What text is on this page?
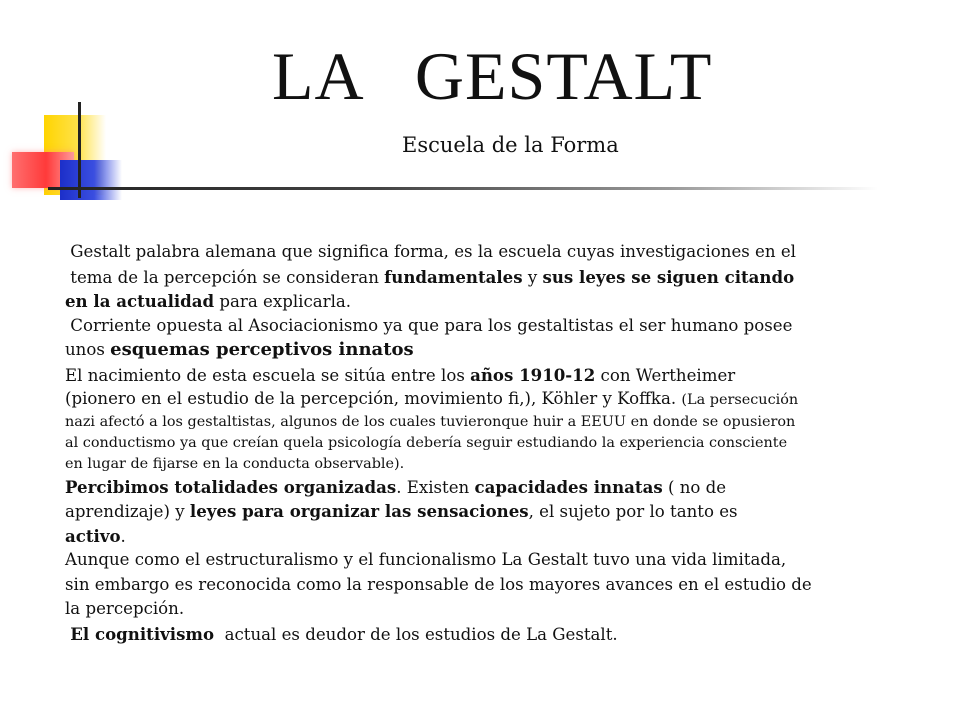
LA   GESTALT
Escuela de la Forma
Gestalt palabra alemana que significa forma, es la escuela cuyas investigaciones en el
tema de la percepción se consideran fundamentales y sus leyes se siguen citando
en la actualidad para explicarla.
Corriente opuesta al Asociacionismo ya que para los gestaltistas el ser humano posee
unos esquemas perceptivos innatos
El nacimiento de esta escuela se sitúa entre los años 1910-12 con Wertheimer
(pionero en el estudio de la percepción, movimiento fi,), Köhler y Koffka. (La persecución
nazi afectó a los gestaltistas, algunos de los cuales tuvieronque huir a EEUU en donde se opusieron
al conductismo ya que creían quela psicología debería seguir estudiando la experiencia consciente
en lugar de fijarse en la conducta observable).
Percibimos totalidades organizadas. Existen capacidades innatas ( no de
aprendizaje) y leyes para organizar las sensaciones, el sujeto por lo tanto es
activo.
Aunque como el estructuralismo y el funcionalismo La Gestalt tuvo una vida limitada,
sin embargo es reconocida como la responsable de los mayores avances en el estudio de
la percepción.
El cognitivismo  actual es deudor de los estudios de La Gestalt.
